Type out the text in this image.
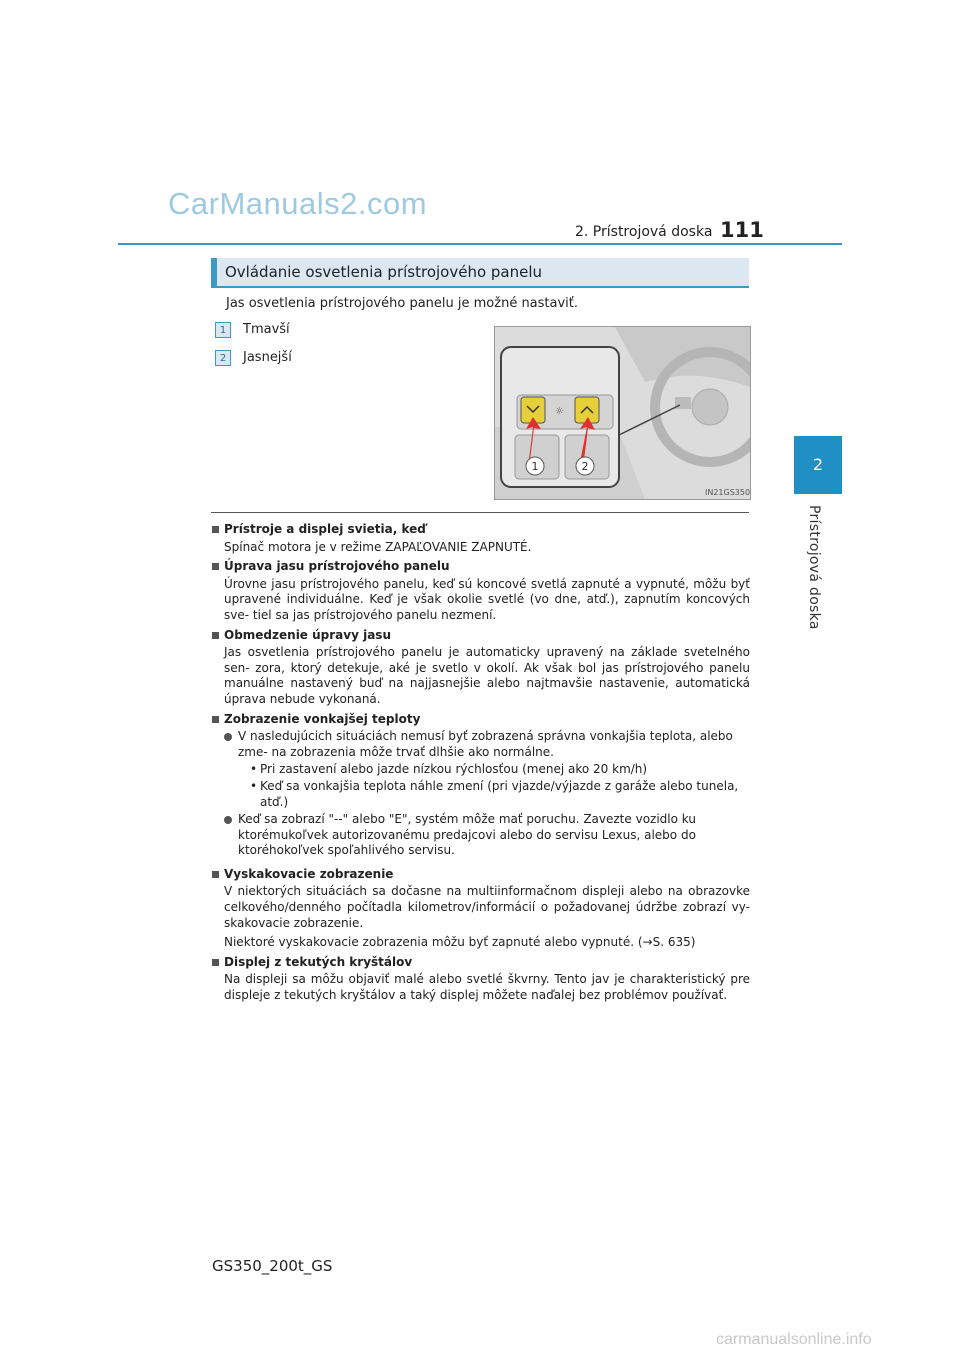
CarManuals2.com
2. Prístrojová doska 111
2
Prístrojová doska
Ovládanie osvetlenia prístrojového panelu
Jas osvetlenia prístrojového panelu je možné nastaviť.
1	Tmavší
2	Jasnejší
☼
1	2
IN21GS350
Prístroje a displej svietia, keď
Spínač motora je v režime ZAPAĽOVANIE ZAPNUTÉ.
Úprava jasu prístrojového panelu
Úrovne jasu prístrojového panelu, keď sú koncové svetlá zapnuté a vypnuté, môžu byť upravené individuálne. Keď je však okolie svetlé (vo dne, atď.), zapnutím koncových sve- tiel sa jas prístrojového panelu nezmení.
Obmedzenie úpravy jasu
Jas osvetlenia prístrojového panelu je automaticky upravený na základe svetelného sen- zora, ktorý detekuje, aké je svetlo v okolí. Ak však bol jas prístrojového panelu manuálne nastavený buď na najjasnejšie alebo najtmavšie nastavenie, automatická úprava nebude vykonaná.
Zobrazenie vonkajšej teploty
V nasledujúcich situáciách nemusí byť zobrazená správna vonkajšia teplota, alebo zme- na zobrazenia môže trvať dlhšie ako normálne.
• Pri zastavení alebo jazde nízkou rýchlosťou (menej ako 20 km/h)
• Keď sa vonkajšia teplota náhle zmení (pri vjazde/výjazde z garáže alebo tunela, atď.)
Keď sa zobrazí "--" alebo "E", systém môže mať poruchu. Zavezte vozidlo ku ktorémukoľvek autorizovanému predajcovi alebo do servisu Lexus, alebo do ktoréhokoľvek spoľahlivého servisu.
Vyskakovacie zobrazenie
V niektorých situáciách sa dočasne na multiinformačnom displeji alebo na obrazovke celkového/denného počítadla kilometrov/informácií o požadovanej údržbe zobrazí vy- skakovacie zobrazenie.
Niektoré vyskakovacie zobrazenia môžu byť zapnuté alebo vypnuté. (→S. 635)
Displej z tekutých kryštálov
Na displeji sa môžu objaviť malé alebo svetlé škvrny. Tento jav je charakteristický pre displeje z tekutých kryštálov a taký displej môžete naďalej bez problémov používať.
GS350_200t_GS
carmanualsonline.info
